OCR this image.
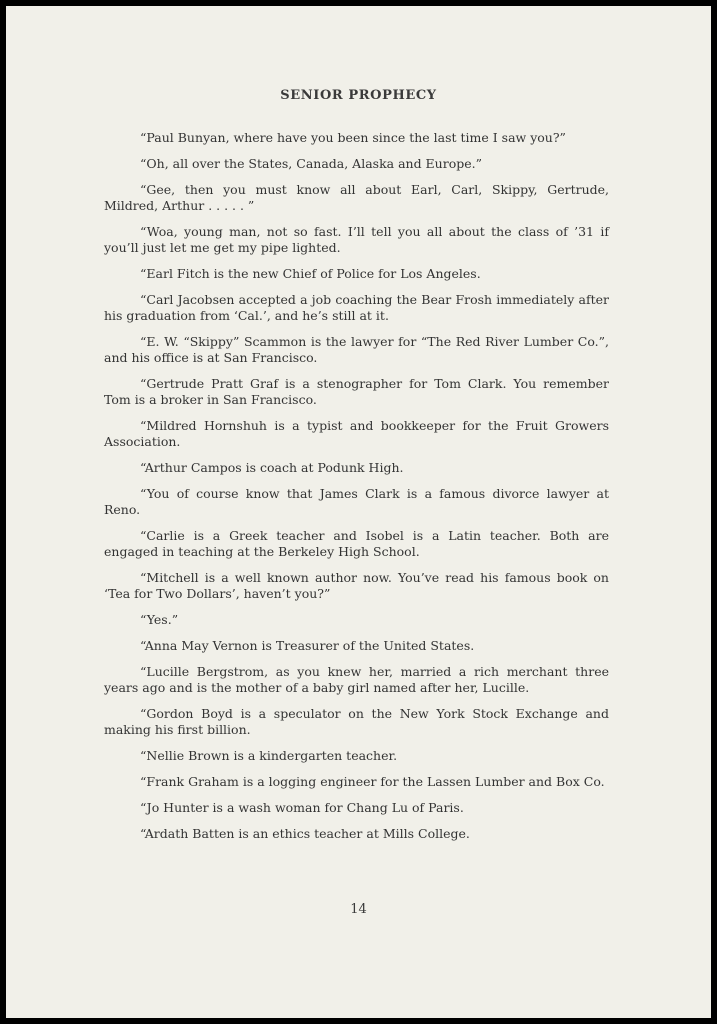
SENIOR PROPHECY

“Paul Bunyan, where have you been since the last time I saw you?”

“Oh, all over the States, Canada, Alaska and Europe.”

“Gee, then you must know all about Earl, Carl, Skippy, Gertrude, Mildred, Arthur . . . . . ”

“Woa, young man, not so fast. I’ll tell you all about the class of ’31 if you’ll just let me get my pipe lighted.

“Earl Fitch is the new Chief of Police for Los Angeles.

“Carl Jacobsen accepted a job coaching the Bear Frosh immediately after his graduation from ‘Cal.’, and he’s still at it.

“E. W. “Skippy” Scammon is the lawyer for “The Red River Lumber Co.”, and his office is at San Francisco.

“Gertrude Pratt Graf is a stenographer for Tom Clark. You remember Tom is a broker in San Francisco.

“Mildred Hornshuh is a typist and bookkeeper for the Fruit Growers Association.

“Arthur Campos is coach at Podunk High.

“You of course know that James Clark is a famous divorce lawyer at Reno.

“Carlie is a Greek teacher and Isobel is a Latin teacher. Both are engaged in teaching at the Berkeley High School.

“Mitchell is a well known author now. You’ve read his famous book on ‘Tea for Two Dollars’, haven’t you?”

“Yes.”

“Anna May Vernon is Treasurer of the United States.

“Lucille Bergstrom, as you knew her, married a rich merchant three years ago and is the mother of a baby girl named after her, Lucille.

“Gordon Boyd is a speculator on the New York Stock Exchange and making his first billion.

“Nellie Brown is a kindergarten teacher.

“Frank Graham is a logging engineer for the Lassen Lumber and Box Co.

“Jo Hunter is a wash woman for Chang Lu of Paris.

“Ardath Batten is an ethics teacher at Mills College.

14
